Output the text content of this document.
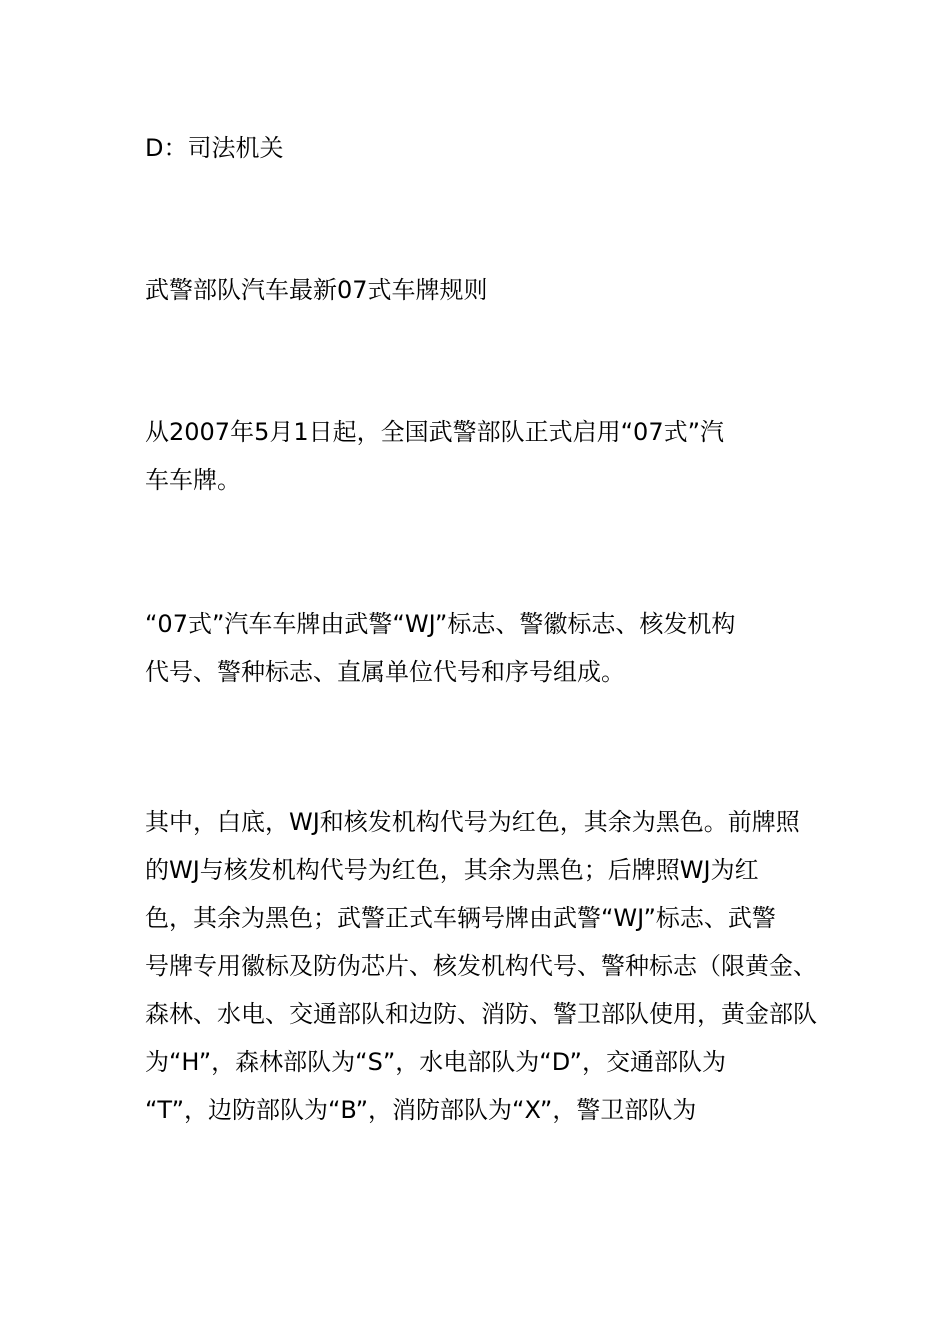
D：司法机关
武警部队汽车最新07式车牌规则
从2007年5月1日起，全国武警部队正式启用“07式”汽
车车牌。
“07式”汽车车牌由武警“WJ”标志、警徽标志、核发机构
代号、警种标志、直属单位代号和序号组成。
其中，白底，WJ和核发机构代号为红色，其余为黑色。前牌照
的WJ与核发机构代号为红色，其余为黑色；后牌照WJ为红
色，其余为黑色；武警正式车辆号牌由武警“WJ”标志、武警
号牌专用徽标及防伪芯片、核发机构代号、警种标志（限黄金、
森林、水电、交通部队和边防、消防、警卫部队使用，黄金部队
为“H”，森林部队为“S”，水电部队为“D”，交通部队为
“T”，边防部队为“B”，消防部队为“X”，警卫部队为
